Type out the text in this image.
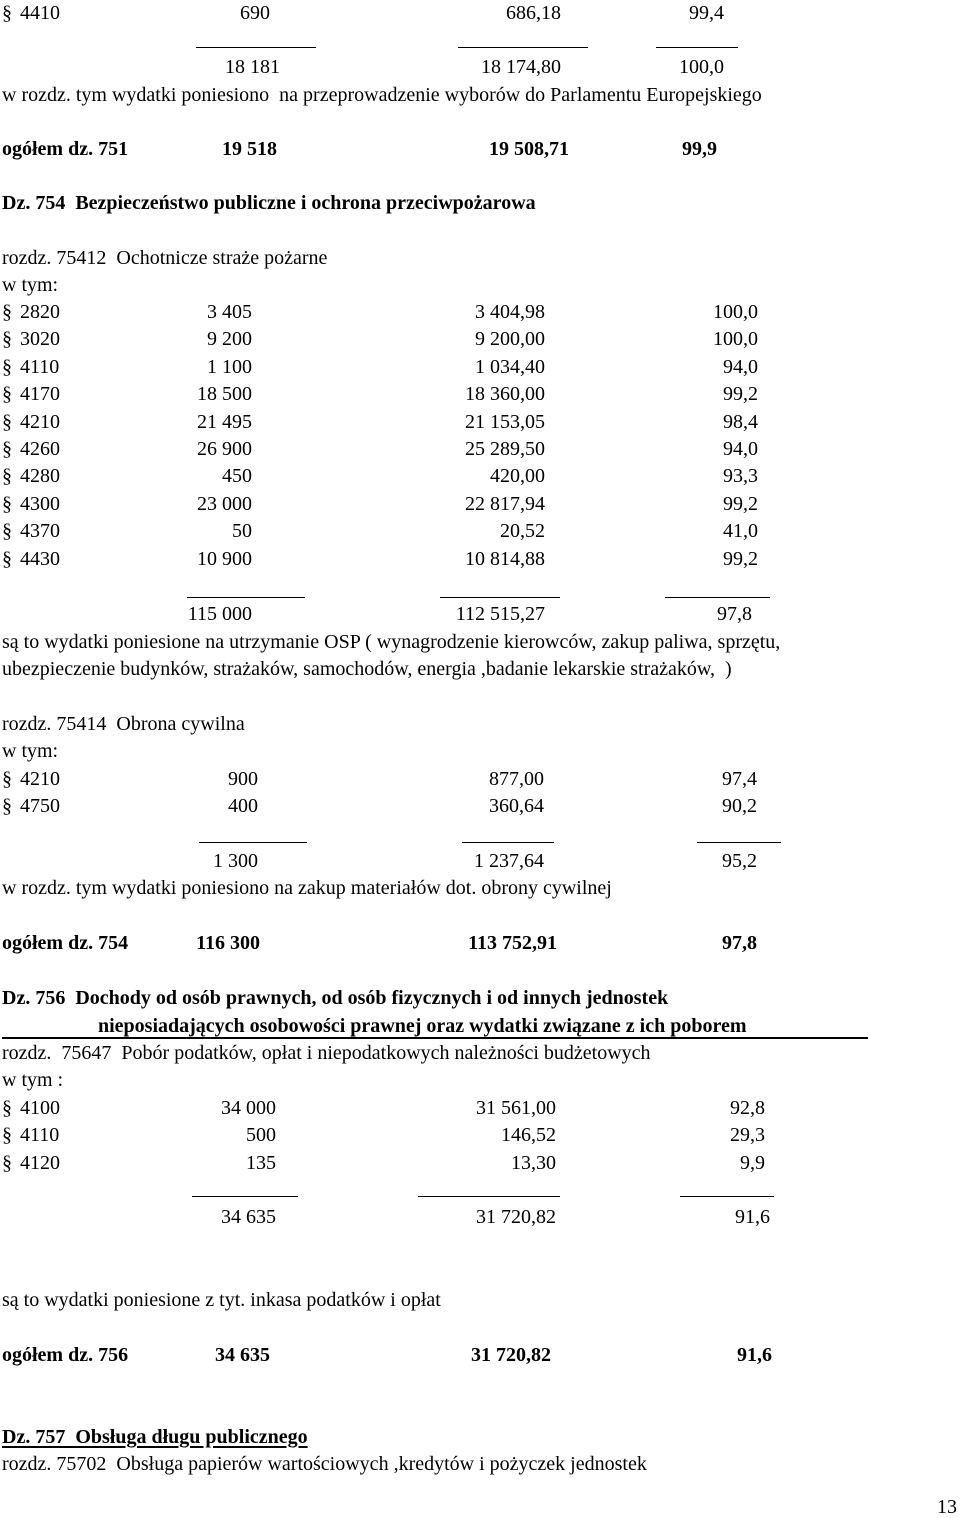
§ 4410	690	686,18	99,4
18 181	18 174,80	100,0
w rozdz. tym wydatki poniesiono  na przeprowadzenie wyborów do Parlamentu Europejskiego
ogółem dz. 751	19 518	19 508,71	99,9
Dz. 754  Bezpieczeństwo publiczne i ochrona przeciwpożarowa
rozdz. 75412  Ochotnicze straże pożarne
w tym:
§ 2820	3 405	3 404,98	100,0
§ 3020	9 200	9 200,00	100,0
§ 4110	1 100	1 034,40	94,0
§ 4170	18 500	18 360,00	99,2
§ 4210	21 495	21 153,05	98,4
§ 4260	26 900	25 289,50	94,0
§ 4280	450	420,00	93,3
§ 4300	23 000	22 817,94	99,2
§ 4370	50	20,52	41,0
§ 4430	10 900	10 814,88	99,2
115 000	112 515,27	97,8
są to wydatki poniesione na utrzymanie OSP ( wynagrodzenie kierowców, zakup paliwa, sprzętu,
ubezpieczenie budynków, strażaków, samochodów, energia ,badanie lekarskie strażaków,  )
rozdz. 75414  Obrona cywilna
w tym:
§ 4210	900	877,00	97,4
§ 4750	400	360,64	90,2
1 300	1 237,64	95,2
w rozdz. tym wydatki poniesiono na zakup materiałów dot. obrony cywilnej
ogółem dz. 754	116 300	113 752,91	97,8
Dz. 756  Dochody od osób prawnych, od osób fizycznych i od innych jednostek
nieposiadających osobowości prawnej oraz wydatki związane z ich poborem
rozdz.  75647  Pobór podatków, opłat i niepodatkowych należności budżetowych
w tym :
§ 4100	34 000	31 561,00	92,8
§ 4110	500	146,52	29,3
§ 4120	135	13,30	9,9
34 635	31 720,82	91,6
są to wydatki poniesione z tyt. inkasa podatków i opłat
ogółem dz. 756	34 635	31 720,82	91,6
Dz. 757  Obsługa długu publicznego
rozdz. 75702  Obsługa papierów wartościowych ,kredytów i pożyczek jednostek
13
